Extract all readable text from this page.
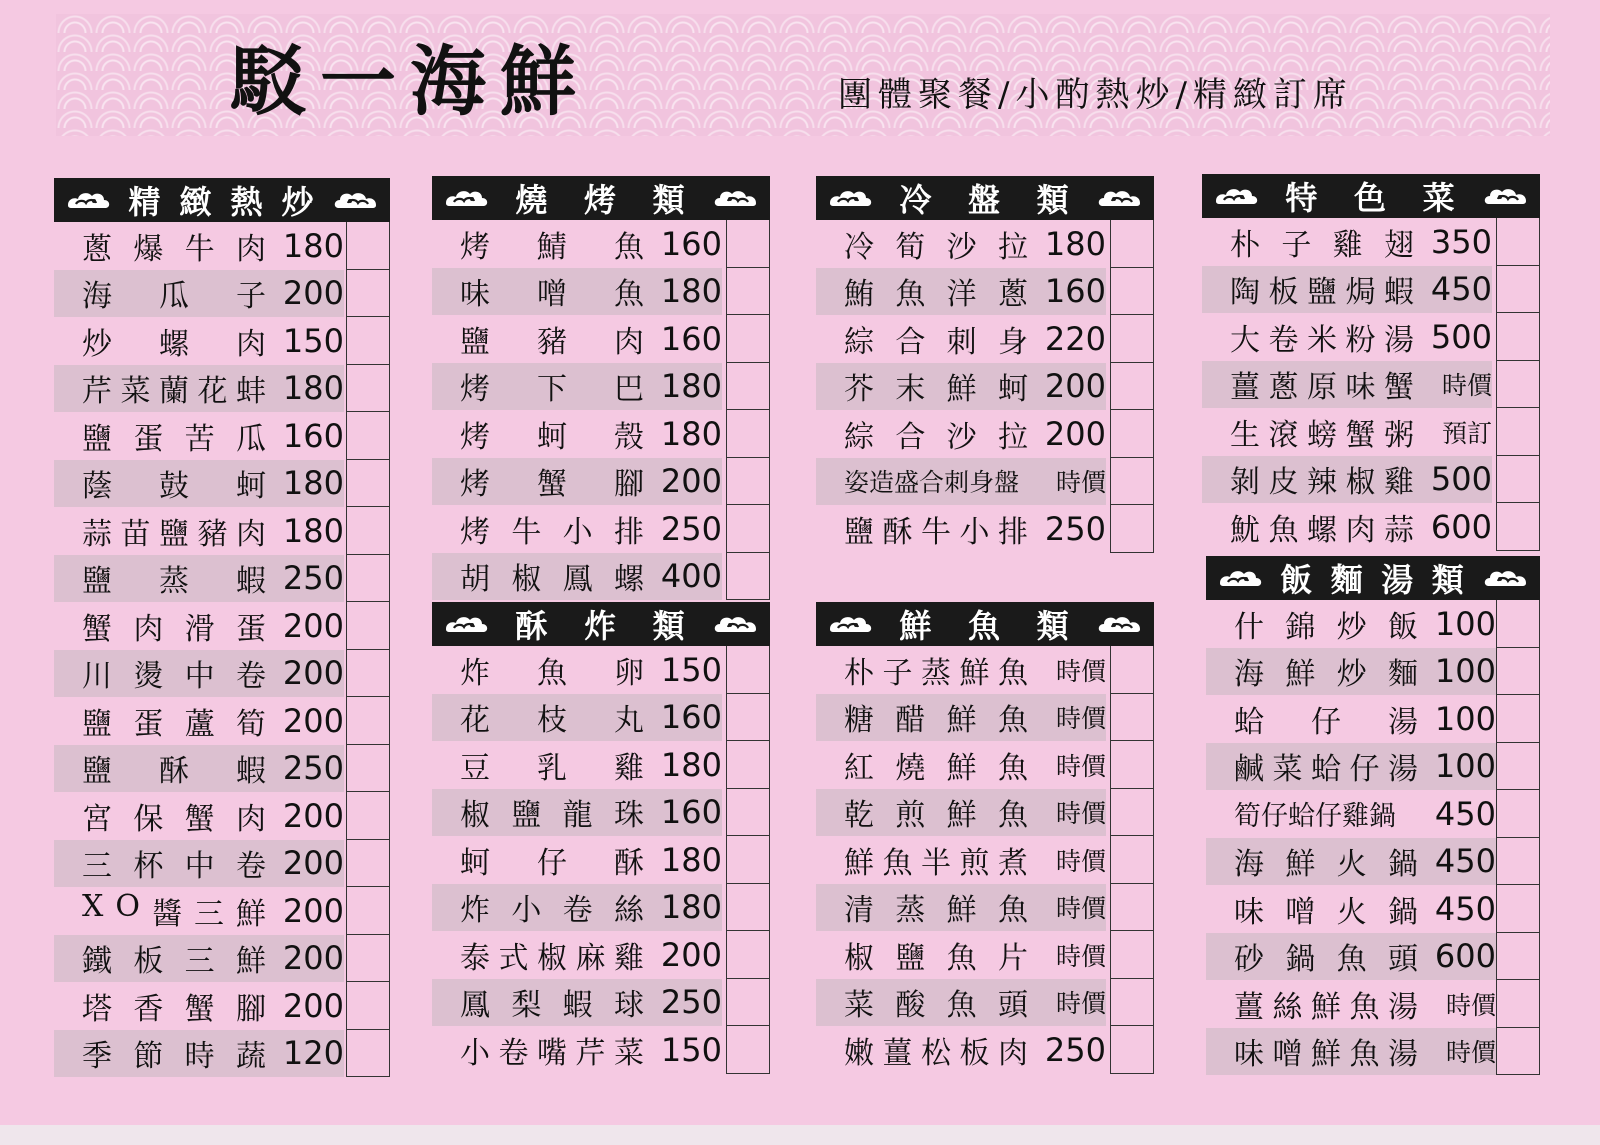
駁一海鮮	團體聚餐/小酌熱炒/精緻訂席
精 緻 熱 炒
蔥 爆 牛 肉 180
海 瓜 子 200
炒 螺 肉 150
芹 菜 蘭 花 蚌 180
鹽 蛋 苦 瓜 160
蔭 鼓 蚵 180
蒜 苗 鹽 豬 肉 180
鹽 蒸 蝦 250
蟹 肉 滑 蛋 200
川 燙 中 卷 200
鹽 蛋 蘆 筍 200
鹽 酥 蝦 250
宮 保 蟹 肉 200
三 杯 中 卷 200
X O 醬 三 鮮 200
鐵 板 三 鮮 200
塔 香 蟹 腳 200
季 節 時 蔬 120
燒 烤 類
烤 鯖 魚 160
味 噌 魚 180
鹽 豬 肉 160
烤 下 巴 180
烤 蚵 殼 180
烤 蟹 腳 200
烤 牛 小 排 250
胡 椒 鳳 螺 400
酥 炸 類
炸 魚 卵 150
花 枝 丸 160
豆 乳 雞 180
椒 鹽 龍 珠 160
蚵 仔 酥 180
炸 小 卷 絲 180
泰 式 椒 麻 雞 200
鳳 梨 蝦 球 250
小 卷 嘴 芹 菜 150
冷 盤 類
冷 筍 沙 拉 180
鮪 魚 洋 蔥 160
綜 合 刺 身 220
芥 末 鮮 蚵 200
綜 合 沙 拉 200
姿 造 盛 合 刺 身 盤	時價
鹽 酥 牛 小 排 250
鮮 魚 類
朴 子 蒸 鮮 魚	時價
糖 醋 鮮 魚	時價
紅 燒 鮮 魚	時價
乾 煎 鮮 魚	時價
鮮 魚 半 煎 煮	時價
清 蒸 鮮 魚	時價
椒 鹽 魚 片	時價
菜 酸 魚 頭	時價
嫩 薑 松 板 肉 250
特 色 菜
朴 子 雞 翅 350
陶 板 鹽 焗 蝦 450
大 卷 米 粉 湯 500
薑 蔥 原 味 蟹	時價
生 滾 螃 蟹 粥	預訂
剝 皮 辣 椒 雞 500
魷 魚 螺 肉 蒜 600
飯 麵 湯 類
什 錦 炒 飯 100
海 鮮 炒 麵 100
蛤 仔 湯 100
鹹 菜 蛤 仔 湯 100
筍 仔 蛤 仔 雞 鍋 450
海 鮮 火 鍋 450
味 噌 火 鍋 450
砂 鍋 魚 頭 600
薑 絲 鮮 魚 湯	時價
味 噌 鮮 魚 湯	時價
